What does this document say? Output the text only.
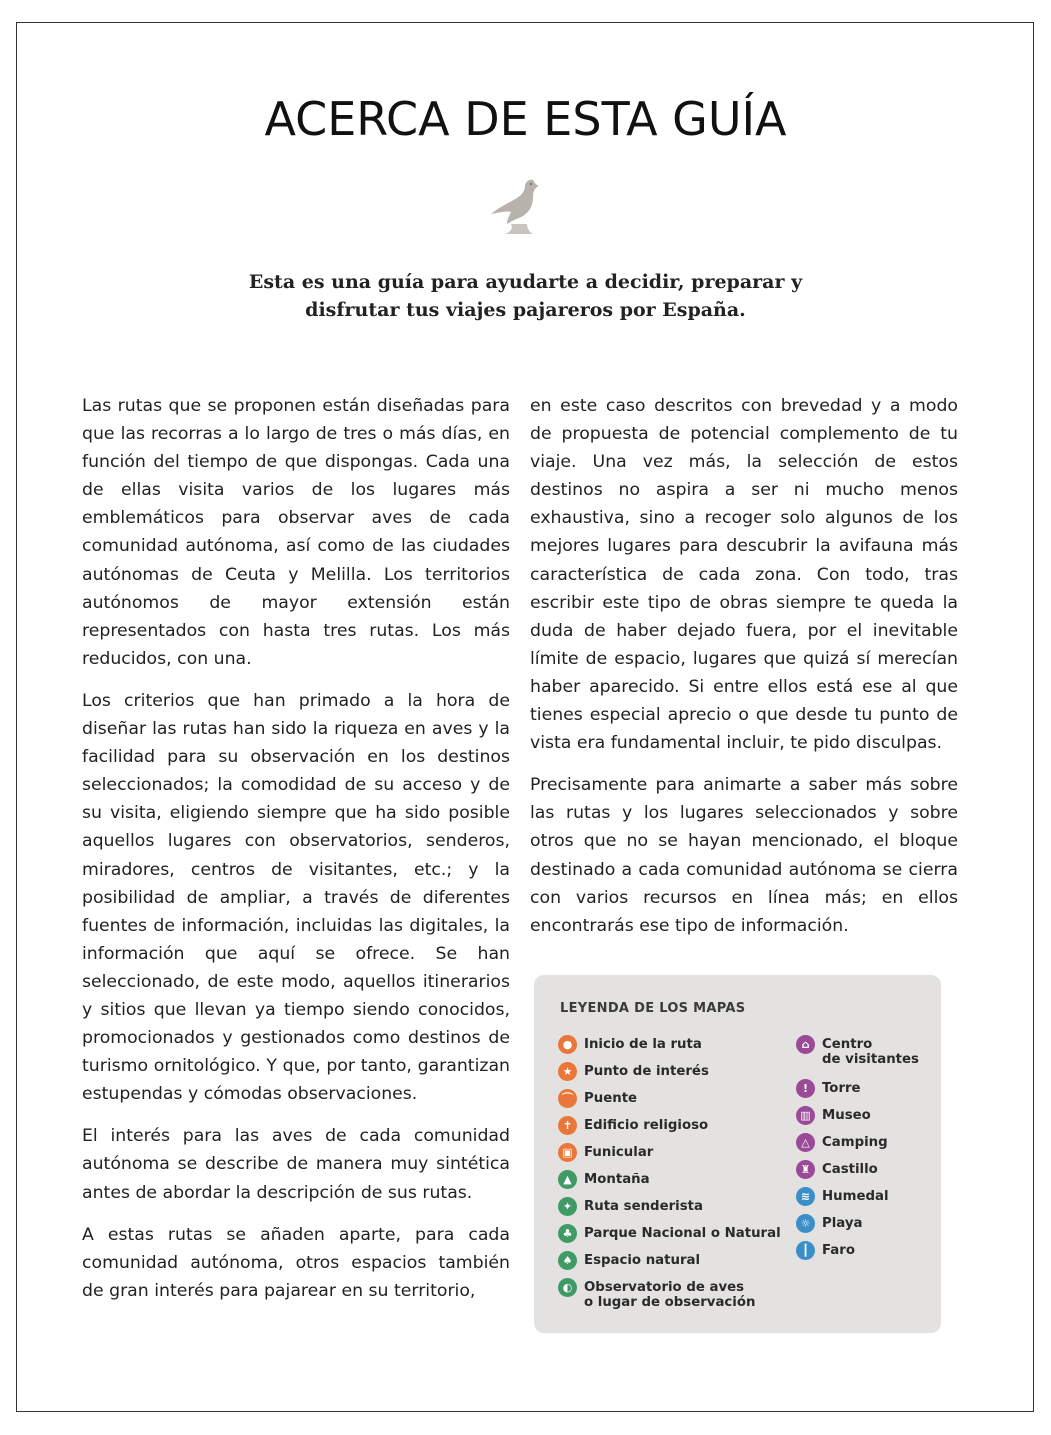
ACERCA DE ESTA GUÍA

Esta es una guía para ayudarte a decidir, preparar y disfrutar tus viajes pajareros por España.

Las rutas que se proponen están diseñadas para que las recorras a lo largo de tres o más días, en función del tiempo de que dispongas. Cada una de ellas visita varios de los lugares más emblemáticos para observar aves de cada comunidad autónoma, así como de las ciudades autónomas de Ceuta y Melilla. Los territorios autónomos de mayor extensión están representados con hasta tres rutas. Los más reducidos, con una.

Los criterios que han primado a la hora de diseñar las rutas han sido la riqueza en aves y la facilidad para su observación en los destinos seleccionados; la comodidad de su acceso y de su visita, eligiendo siempre que ha sido posible aquellos lugares con observatorios, senderos, miradores, centros de visitantes, etc.; y la posibilidad de ampliar, a través de diferentes fuentes de información, incluidas las digitales, la información que aquí se ofrece. Se han seleccionado, de este modo, aquellos itinerarios y sitios que llevan ya tiempo siendo conocidos, promocionados y gestionados como destinos de turismo ornitológico. Y que, por tanto, garantizan estupendas y cómodas observaciones.

El interés para las aves de cada comunidad autónoma se describe de manera muy sintética antes de abordar la descripción de sus rutas.

A estas rutas se añaden aparte, para cada comunidad autónoma, otros espacios también de gran interés para pajarear en su territorio,

en este caso descritos con brevedad y a modo de propuesta de potencial complemento de tu viaje. Una vez más, la selección de estos destinos no aspira a ser ni mucho menos exhaustiva, sino a recoger solo algunos de los mejores lugares para descubrir la avifauna más característica de cada zona. Con todo, tras escribir este tipo de obras siempre te queda la duda de haber dejado fuera, por el inevitable límite de espacio, lugares que quizá sí merecían haber aparecido. Si entre ellos está ese al que tienes especial aprecio o que desde tu punto de vista era fundamental incluir, te pido disculpas.

Precisamente para animarte a saber más sobre las rutas y los lugares seleccionados y sobre otros que no se hayan mencionado, el bloque destinado a cada comunidad autónoma se cierra con varios recursos en línea más; en ellos encontrarás ese tipo de información.

LEYENDA DE LOS MAPAS
● Inicio de la ruta
★ Punto de interés
⌒ Puente
✝ Edificio religioso
▣ Funicular
▲ Montaña
✦ Ruta senderista
♣ Parque Nacional o Natural
♠ Espacio natural
◐ Observatorio de aves
o lugar de observación
⌂ Centro
de visitantes
!	Torre
▥ Museo
△ Camping
♜ Castillo
≋ Humedal
☼ Playa
┃ Faro
